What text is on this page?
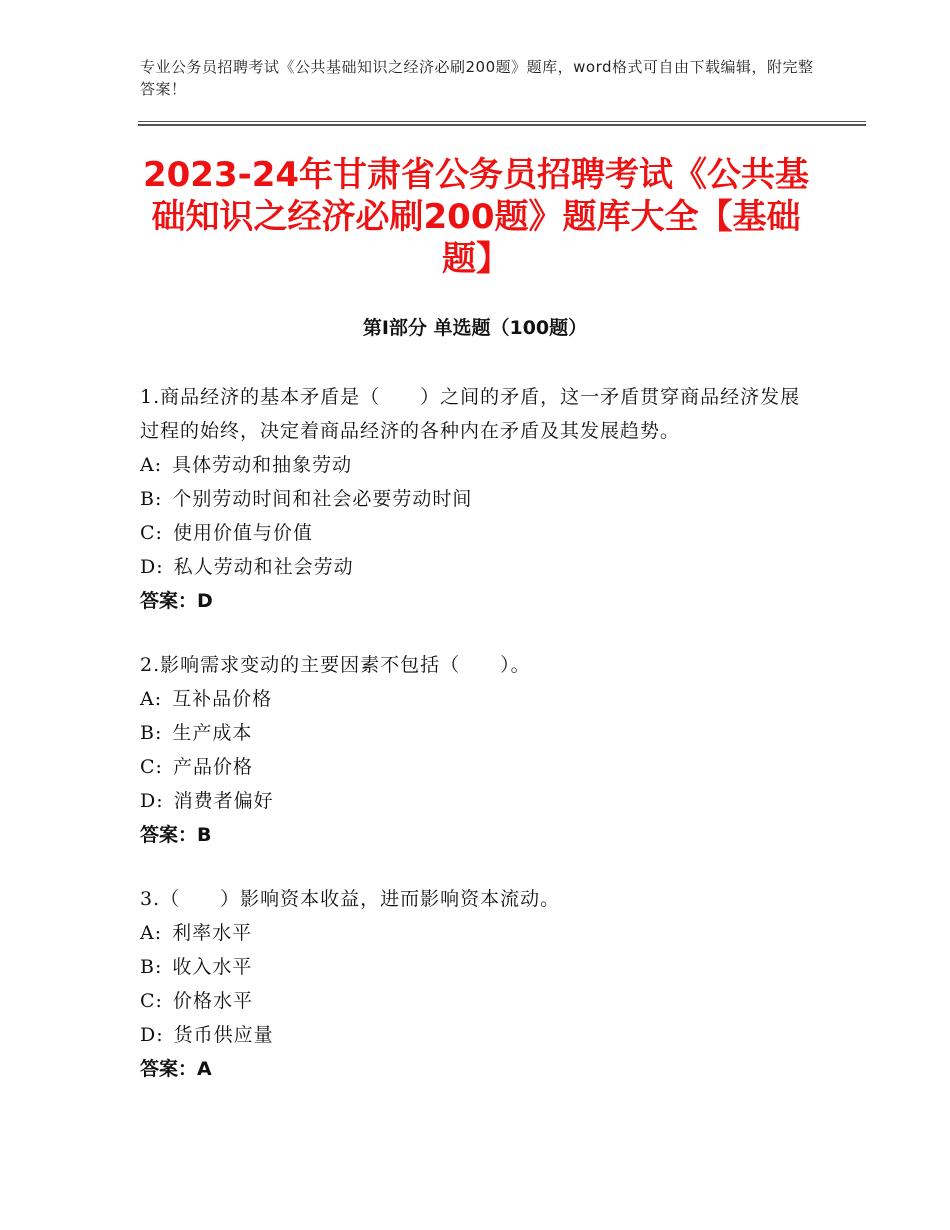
专业公务员招聘考试《公共基础知识之经济必刷200题》题库，word格式可自由下载编辑，附完整答案！
2023-24年甘肃省公务员招聘考试《公共基础知识之经济必刷200题》题库大全【基础题】
第I部分 单选题（100题）
1.商品经济的基本矛盾是（　　）之间的矛盾，这一矛盾贯穿商品经济发展过程的始终，决定着商品经济的各种内在矛盾及其发展趋势。
A: 具体劳动和抽象劳动
B: 个别劳动时间和社会必要劳动时间
C: 使用价值与价值
D: 私人劳动和社会劳动
答案：D
2.影响需求变动的主要因素不包括（　　）。
A: 互补品价格
B: 生产成本
C: 产品价格
D: 消费者偏好
答案：B
3.（　　）影响资本收益，进而影响资本流动。
A: 利率水平
B: 收入水平
C: 价格水平
D: 货币供应量
答案：A
